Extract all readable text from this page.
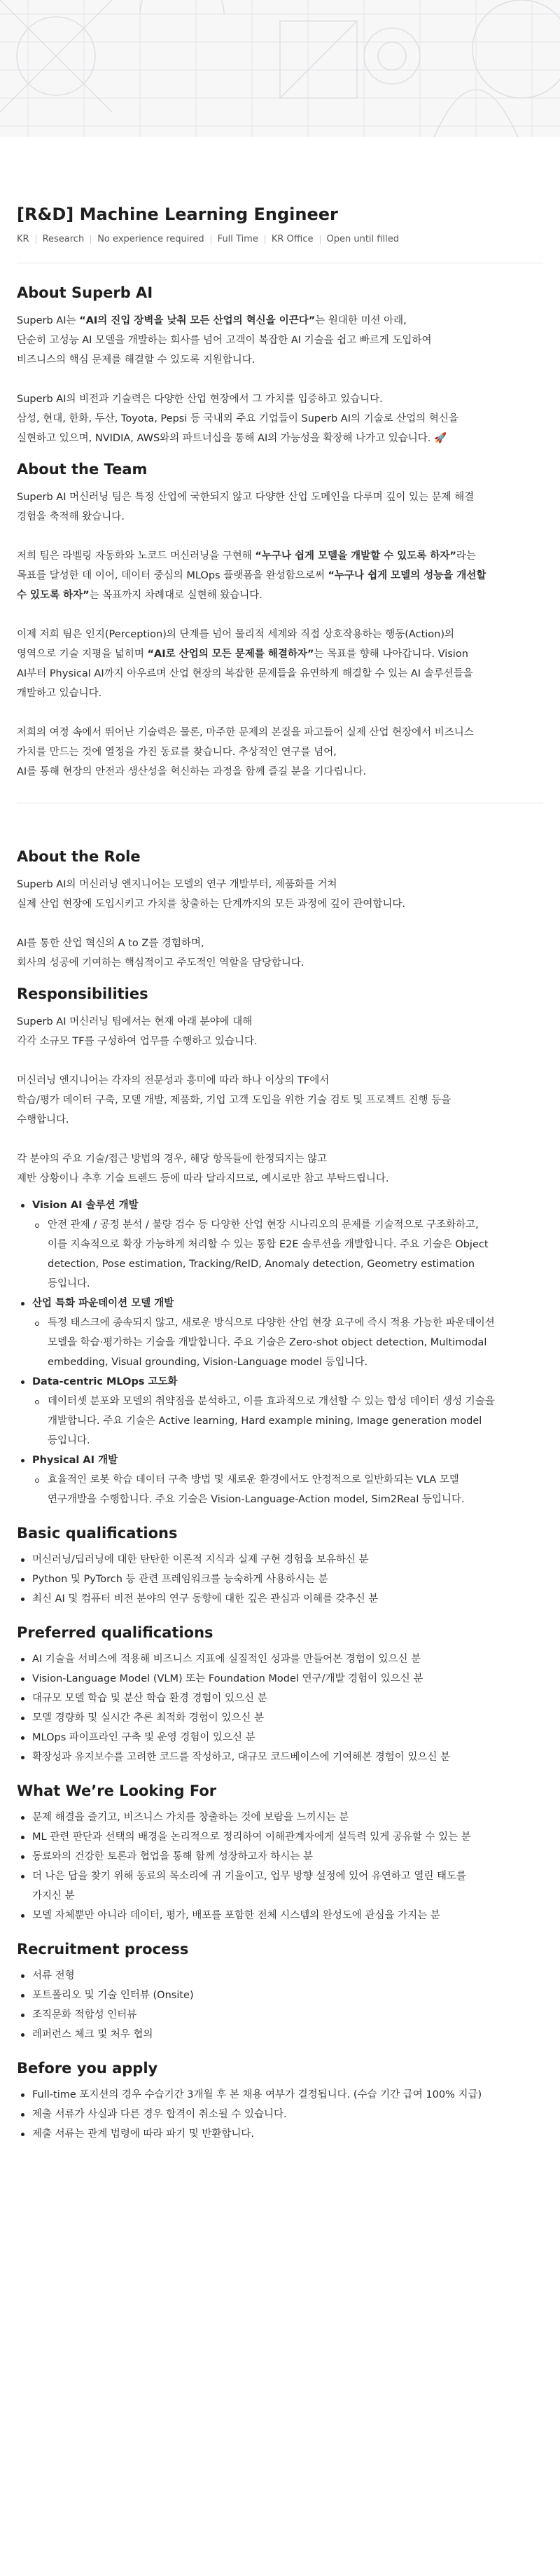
[R&D] Machine Learning Engineer
KR Research No experience required Full Time KR Office Open until filled
About Superb AI

Superb AI는 “AI의 진입 장벽을 낮춰 모든 산업의 혁신을 이끈다”는 원대한 미션 아래,

단순히 고성능 AI 모델을 개발하는 회사를 넘어 고객이 복잡한 AI 기술을 쉽고 빠르게 도입하여

비즈니스의 핵심 문제를 해결할 수 있도록 지원합니다.

Superb AI의 비전과 기술력은 다양한 산업 현장에서 그 가치를 입증하고 있습니다.

삼성, 현대, 한화, 두산, Toyota, Pepsi 등 국내외 주요 기업들이 Superb AI의 기술로 산업의 혁신을

실현하고 있으며, NVIDIA, AWS와의 파트너십을 통해 AI의 가능성을 확장해 나가고 있습니다. 🚀

About the Team

Superb AI 머신러닝 팀은 특정 산업에 국한되지 않고 다양한 산업 도메인을 다루며 깊이 있는 문제 해결

경험을 축적해 왔습니다.

저희 팀은 라벨링 자동화와 노코드 머신러닝을 구현해 “누구나 쉽게 모델을 개발할 수 있도록 하자”라는

목표를 달성한 데 이어, 데이터 중심의 MLOps 플랫폼을 완성함으로써 “누구나 쉽게 모델의 성능을 개선할

수 있도록 하자”는 목표까지 차례대로 실현해 왔습니다.

이제 저희 팀은 인지(Perception)의 단계를 넘어 물리적 세계와 직접 상호작용하는 행동(Action)의

영역으로 기술 지평을 넓히며 “AI로 산업의 모든 문제를 해결하자”는 목표를 향해 나아갑니다. Vision

AI부터 Physical AI까지 아우르며 산업 현장의 복잡한 문제들을 유연하게 해결할 수 있는 AI 솔루션들을

개발하고 있습니다.

저희의 여정 속에서 뛰어난 기술력은 물론, 마주한 문제의 본질을 파고들어 실제 산업 현장에서 비즈니스

가치를 만드는 것에 열정을 가진 동료를 찾습니다. 추상적인 연구를 넘어,

AI를 통해 현장의 안전과 생산성을 혁신하는 과정을 함께 즐길 분을 기다립니다.

About the Role

Superb AI의 머신러닝 엔지니어는 모델의 연구 개발부터, 제품화를 거쳐

실제 산업 현장에 도입시키고 가치를 창출하는 단계까지의 모든 과정에 깊이 관여합니다.

AI를 통한 산업 혁신의 A to Z를 경험하며,

회사의 성공에 기여하는 핵심적이고 주도적인 역할을 담당합니다.

Responsibilities

Superb AI 머신러닝 팀에서는 현재 아래 분야에 대해

각각 소규모 TF를 구성하여 업무를 수행하고 있습니다.

머신러닝 엔지니어는 각자의 전문성과 흥미에 따라 하나 이상의 TF에서

학습/평가 데이터 구축, 모델 개발, 제품화, 기업 고객 도입을 위한 기술 검토 및 프로젝트 진행 등을

수행합니다.

각 분야의 주요 기술/접근 방법의 경우, 해당 항목들에 한정되지는 않고

제반 상황이나 추후 기술 트렌드 등에 따라 달라지므로, 예시로만 참고 부탁드립니다.

Vision AI 솔루션 개발
안전 관제 / 공정 분석 / 불량 검수 등 다양한 산업 현장 시나리오의 문제를 기술적으로 구조화하고,
이를 지속적으로 확장 가능하게 처리할 수 있는 통합 E2E 솔루션을 개발합니다. 주요 기술은 Object
detection, Pose estimation, Tracking/ReID, Anomaly detection, Geometry estimation
등입니다.
산업 특화 파운데이션 모델 개발
특정 태스크에 종속되지 않고, 새로운 방식으로 다양한 산업 현장 요구에 즉시 적용 가능한 파운데이션
모델을 학습·평가하는 기술을 개발합니다. 주요 기술은 Zero-shot object detection, Multimodal
embedding, Visual grounding, Vision-Language model 등입니다.
Data-centric MLOps 고도화
데이터셋 분포와 모델의 취약점을 분석하고, 이를 효과적으로 개선할 수 있는 합성 데이터 생성 기술을
개발합니다. 주요 기술은 Active learning, Hard example mining, Image generation model
등입니다.
Physical AI 개발
효율적인 로봇 학습 데이터 구축 방법 및 새로운 환경에서도 안정적으로 일반화되는 VLA 모델
연구개발을 수행합니다. 주요 기술은 Vision-Language-Action model, Sim2Real 등입니다.
Basic qualifications
머신러닝/딥러닝에 대한 탄탄한 이론적 지식과 실제 구현 경험을 보유하신 분
Python 및 PyTorch 등 관련 프레임워크를 능숙하게 사용하시는 분
최신 AI 및 컴퓨터 비전 분야의 연구 동향에 대한 깊은 관심과 이해를 갖추신 분
Preferred qualifications
AI 기술을 서비스에 적용해 비즈니스 지표에 실질적인 성과를 만들어본 경험이 있으신 분
Vision-Language Model (VLM) 또는 Foundation Model 연구/개발 경험이 있으신 분
대규모 모델 학습 및 분산 학습 환경 경험이 있으신 분
모델 경량화 및 실시간 추론 최적화 경험이 있으신 분
MLOps 파이프라인 구축 및 운영 경험이 있으신 분
확장성과 유지보수를 고려한 코드를 작성하고, 대규모 코드베이스에 기여해본 경험이 있으신 분
What We’re Looking For
문제 해결을 즐기고, 비즈니스 가치를 창출하는 것에 보람을 느끼시는 분
ML 관련 판단과 선택의 배경을 논리적으로 정리하여 이해관계자에게 설득력 있게 공유할 수 있는 분
동료와의 건강한 토론과 협업을 통해 함께 성장하고자 하시는 분
더 나은 답을 찾기 위해 동료의 목소리에 귀 기울이고, 업무 방향 설정에 있어 유연하고 열린 태도를
가지신 분
모델 자체뿐만 아니라 데이터, 평가, 배포를 포함한 전체 시스템의 완성도에 관심을 가지는 분
Recruitment process
서류 전형
포트폴리오 및 기술 인터뷰 (Onsite)
조직문화 적합성 인터뷰
레퍼런스 체크 및 처우 협의
Before you apply
Full-time 포지션의 경우 수습기간 3개월 후 본 채용 여부가 결정됩니다. (수습 기간 급여 100% 지급)
제출 서류가 사실과 다른 경우 합격이 취소될 수 있습니다.
제출 서류는 관계 법령에 따라 파기 및 반환합니다.
